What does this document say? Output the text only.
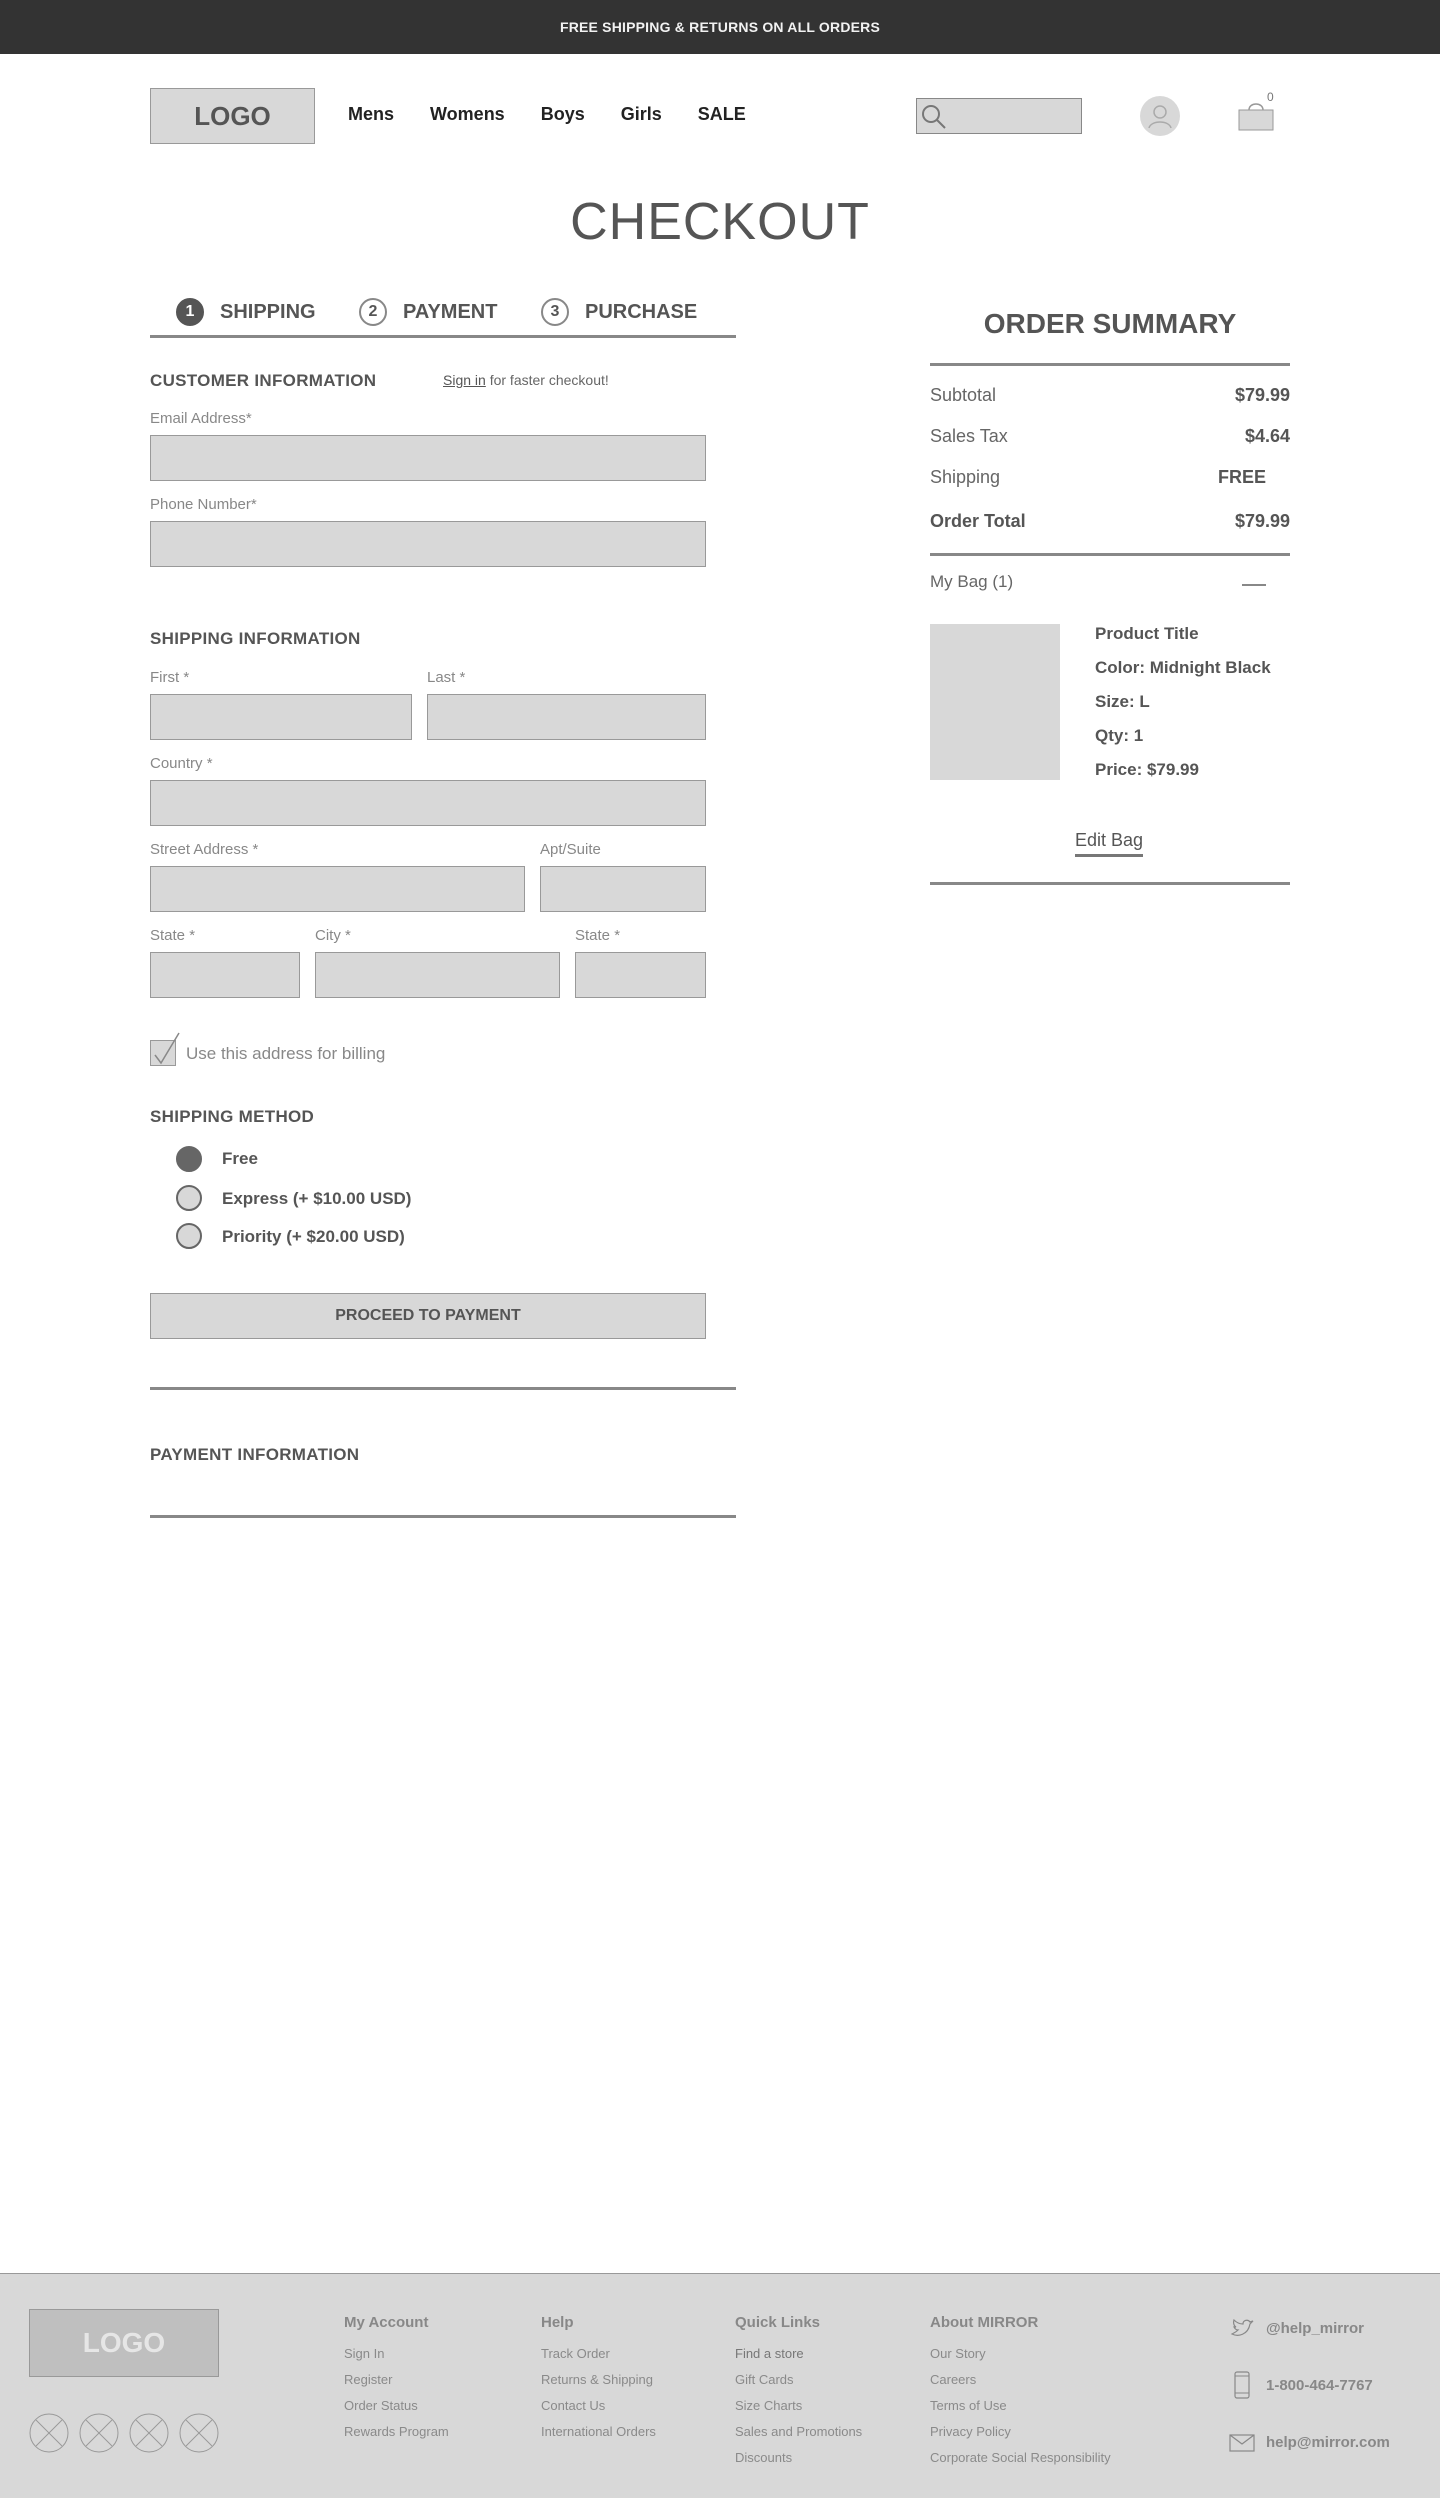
FREE SHIPPING & RETURNS ON ALL ORDERS
LOGO	Mens Womens Boys Girls SALE
0
CHECKOUT
1	SHIPPING	2	PAYMENT	3	PURCHASE
CUSTOMER INFORMATION	Sign in for faster checkout!
Email Address*
Phone Number*
SHIPPING INFORMATION
First *	Last *
Country *
Street Address *	Apt/Suite
State *	City *	State *
Use this address for billing
SHIPPING METHOD
Free
Express (+ $10.00 USD)
Priority (+ $20.00 USD)
PROCEED TO PAYMENT
PAYMENT INFORMATION
ORDER SUMMARY
Subtotal	$79.99
Sales Tax	$4.64
Shipping	FREE
Order Total	$79.99
My Bag (1)
Product Title
Color: Midnight Black
Size: L
Qty: 1
Price: $79.99
Edit Bag
LOGO
My Account
Sign In
Register
Order Status
Rewards Program
Help
Track Order
Returns & Shipping
Contact Us
International Orders
Quick Links
Find a store
Gift Cards
Size Charts
Sales and Promotions
Discounts
About MIRROR
Our Story
Careers
Terms of Use
Privacy Policy
Corporate Social Responsibility
@help_mirror
1-800-464-7767
help@mirror.com
